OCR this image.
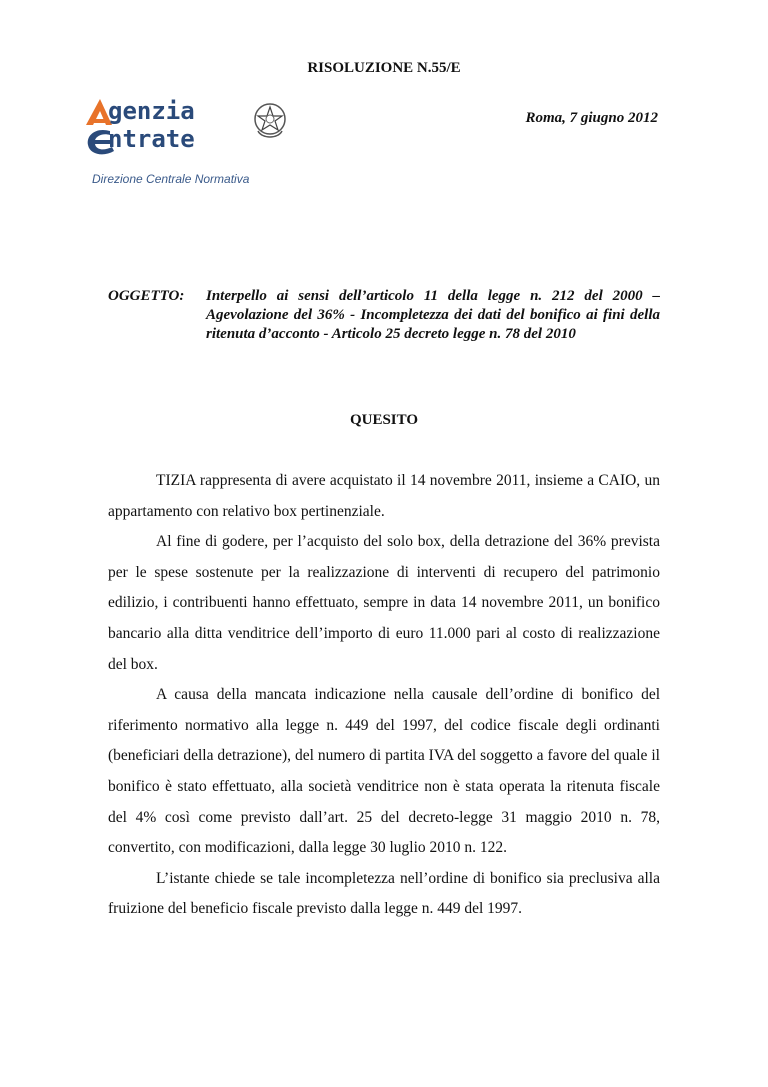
RISOLUZIONE N.55/E
Roma, 7 giugno 2012
genzia
ntrate
Direzione Centrale Normativa
OGGETTO: Interpello ai sensi dell’articolo 11 della legge n. 212 del 2000 – Agevolazione del 36% - Incompletezza dei dati del bonifico ai fini della ritenuta d’acconto - Articolo 25 decreto legge n. 78 del 2010
QUESITO

TIZIA rappresenta di avere acquistato il 14 novembre 2011, insieme a CAIO, un appartamento con relativo box pertinenziale.

Al fine di godere, per l’acquisto del solo box, della detrazione del 36% prevista per le spese sostenute per la realizzazione di interventi di recupero del patrimonio edilizio, i contribuenti hanno effettuato, sempre in data 14 novembre 2011, un bonifico bancario alla ditta venditrice dell’importo di euro 11.000 pari al costo di realizzazione del box.

A causa della mancata indicazione nella causale dell’ordine di bonifico del riferimento normativo alla legge n. 449 del 1997, del codice fiscale degli ordinanti (beneficiari della detrazione), del numero di partita IVA del soggetto a favore del quale il bonifico è stato effettuato, alla società venditrice non è stata operata la ritenuta fiscale del 4% così come previsto dall’art. 25 del decreto-legge 31 maggio 2010 n. 78, convertito, con modificazioni, dalla legge 30 luglio 2010 n. 122.

L’istante chiede se tale incompletezza nell’ordine di bonifico sia preclusiva alla fruizione del beneficio fiscale previsto dalla legge n. 449 del 1997.
